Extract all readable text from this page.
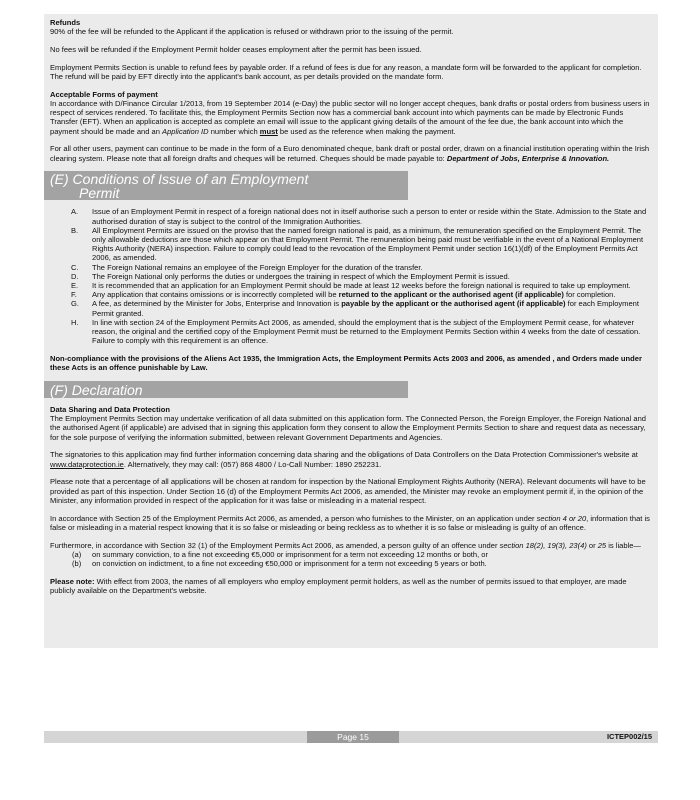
Refunds

90% of the fee will be refunded to the Applicant if the application is refused or withdrawn prior to the issuing of the permit.

No fees will be refunded if the Employment Permit holder ceases employment after the permit has been issued.

Employment Permits Section is unable to refund fees by payable order. If a refund of fees is due for any reason, a mandate form will be forwarded to the applicant for completion. The refund will be paid by EFT directly into the applicant's bank account, as per details provided on the mandate form.

Acceptable Forms of payment

In accordance with D/Finance Circular 1/2013, from 19 September 2014 (e-Day) the public sector will no longer accept cheques, bank drafts or postal orders from business users in respect of services rendered. To facilitate this, the Employment Permits Section now has a commercial bank account into which payments can be made by Electronic Funds Transfer (EFT). When an application is accepted as complete an email will issue to the applicant giving details of the amount of the fee due, the bank account into which the payment should be made and an Application ID number which must be used as the reference when making the payment.

For all other users, payment can continue to be made in the form of a Euro denominated cheque, bank draft or postal order, drawn on a financial institution operating within the Irish clearing system. Please note that all foreign drafts and cheques will be returned. Cheques should be made payable to: Department of Jobs, Enterprise & Innovation.

(E) Conditions of Issue of an Employment
Permit
A. Issue of an Employment Permit in respect of a foreign national does not in itself authorise such a person to enter or reside within the State. Admission to the State and authorised duration of stay is subject to the control of the Immigration Authorities.
B. All Employment Permits are issued on the proviso that the named foreign national is paid, as a minimum, the remuneration specified on the Employment Permit. The only allowable deductions are those which appear on that Employment Permit. The remuneration being paid must be verifiable in the event of a National Employment Rights Authority (NERA) inspection. Failure to comply could lead to the revocation of the Employment Permit under section 16(1)(df) of the Employment Permits Act 2006, as amended.
C. The Foreign National remains an employee of the Foreign Employer for the duration of the transfer.
D. The Foreign National only performs the duties or undergoes the training in respect of which the Employment Permit is issued.
E. It is recommended that an application for an Employment Permit should be made at least 12 weeks before the foreign national is required to take up employment.
F. Any application that contains omissions or is incorrectly completed will be returned to the applicant or the authorised agent (if applicable) for completion.
G. A fee, as determined by the Minister for Jobs, Enterprise and Innovation is payable by the applicant or the authorised agent (if applicable) for each Employment Permit granted.
H. In line with section 24 of the Employment Permits Act 2006, as amended, should the employment that is the subject of the Employment Permit cease, for whatever reason, the original and the certified copy of the Employment Permit must be returned to the Employment Permits Section within 4 weeks from the date of cessation. Failure to comply with this requirement is an offence.

Non-compliance with the provisions of the Aliens Act 1935, the Immigration Acts, the Employment Permits Acts 2003 and 2006, as amended , and Orders made under these Acts is an offence punishable by Law.

(F) Declaration
Data Sharing and Data Protection

The Employment Permits Section may undertake verification of all data submitted on this application form. The Connected Person, the Foreign Employer, the Foreign National and the authorised Agent (if applicable) are advised that in signing this application form they consent to allow the Employment Permits Section to share and request data as necessary, for the sole purpose of verifying the information submitted, between relevant Government Departments and Agencies.

The signatories to this application may find further information concerning data sharing and the obligations of Data Controllers on the Data Protection Commissioner's website at www.dataprotection.ie. Alternatively, they may call: (057) 868 4800 / Lo-Call Number: 1890 252231.

Please note that a percentage of all applications will be chosen at random for inspection by the National Employment Rights Authority (NERA). Relevant documents will have to be provided as part of this inspection. Under Section 16 (d) of the Employment Permits Act 2006, as amended, the Minister may revoke an employment permit if, in the opinion of the Minister, any information provided in respect of the application for it was false or misleading in a material respect.

In accordance with Section 25 of the Employment Permits Act 2006, as amended, a person who furnishes to the Minister, on an application under section 4 or 20, information that is false or misleading in a material respect knowing that it is so false or misleading or being reckless as to whether it is so false or misleading is guilty of an offence.

Furthermore, in accordance with Section 32 (1) of the Employment Permits Act 2006, as amended, a person guilty of an offence under section 18(2), 19(3), 23(4) or 25 is liable—
(a) on summary conviction, to a fine not exceeding €5,000 or imprisonment for a term not exceeding 12 months or both, or
(b) on conviction on indictment, to a fine not exceeding €50,000 or imprisonment for a term not exceeding 5 years or both.

Please note: With effect from 2003, the names of all employers who employ employment permit holders, as well as the number of permits issued to that employer, are made publicly available on the Department's website.

Page 15	ICTEP002/15
